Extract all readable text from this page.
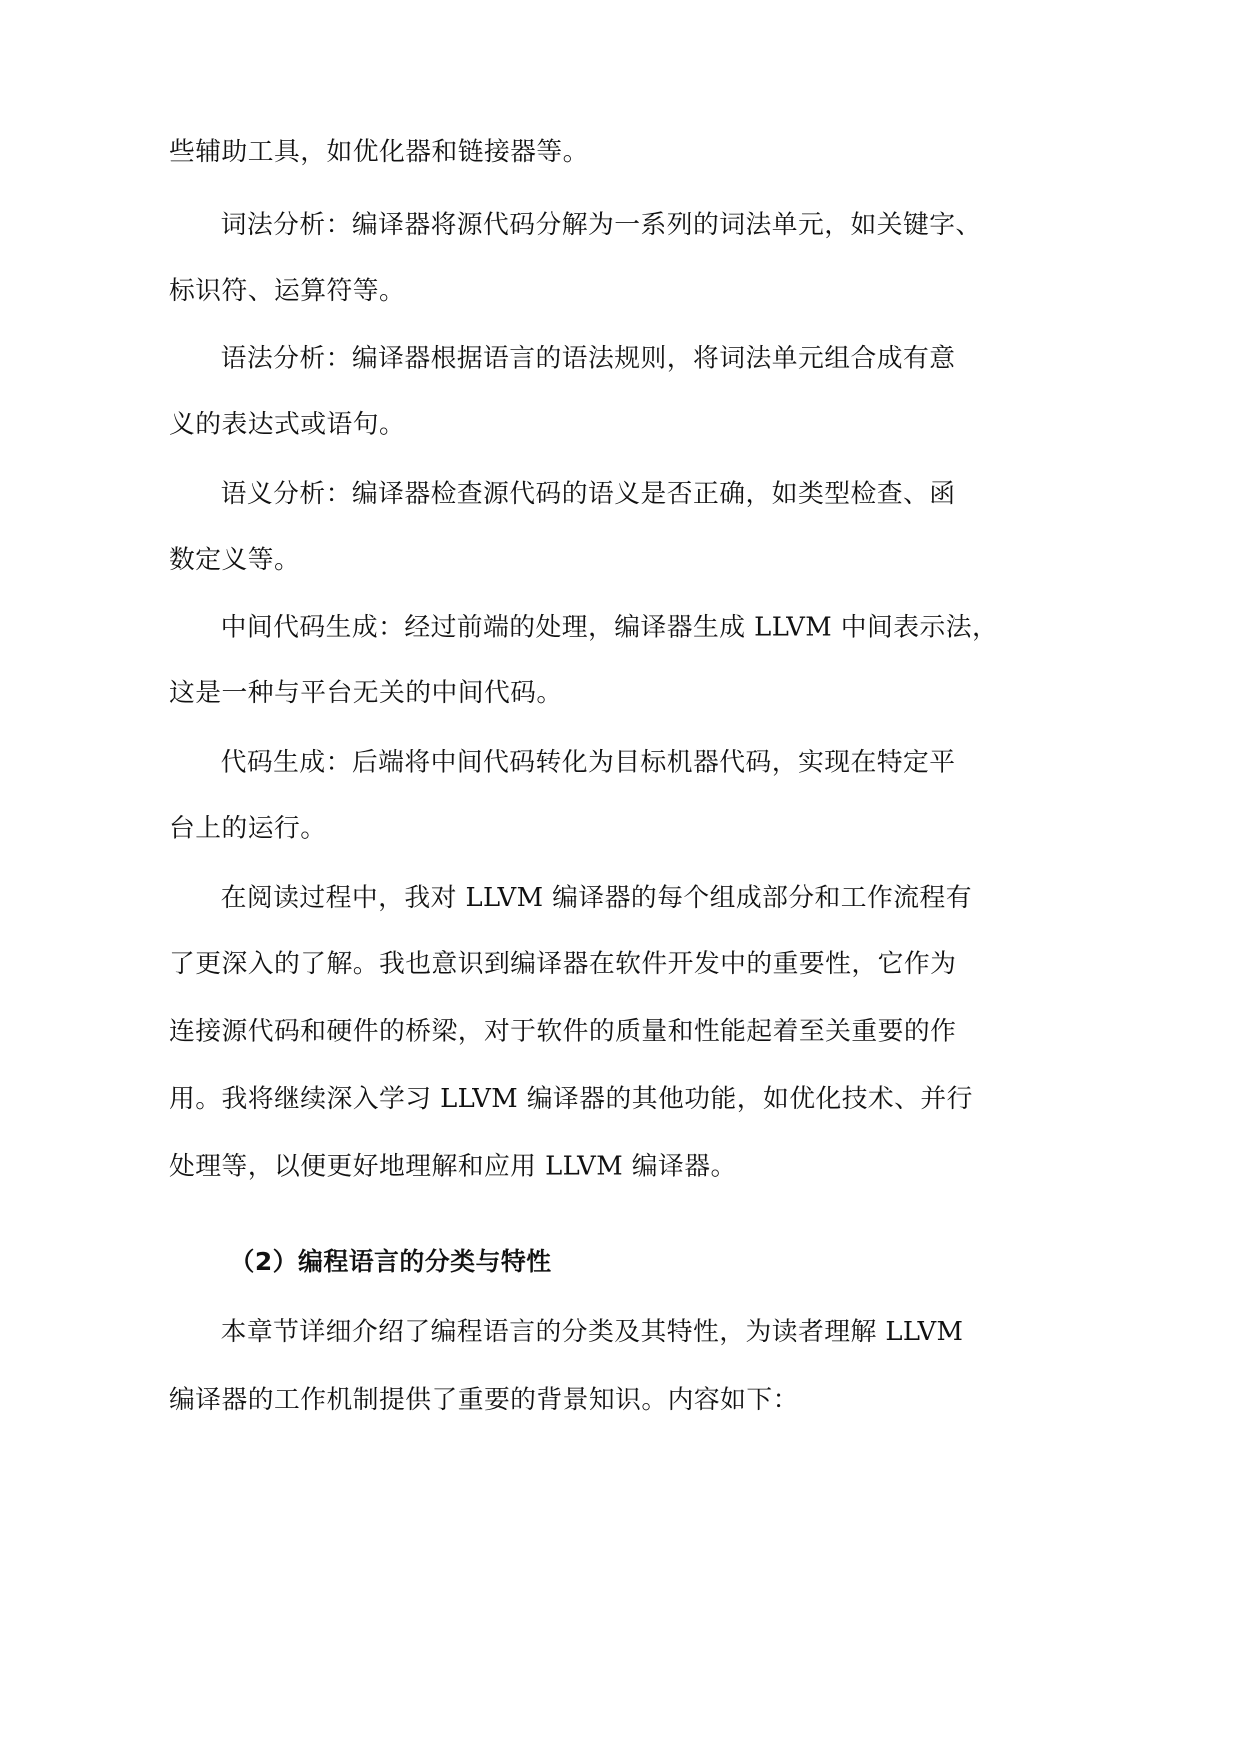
些辅助工具，如优化器和链接器等。
词法分析：编译器将源代码分解为一系列的词法单元，如关键字、
标识符、运算符等。
语法分析：编译器根据语言的语法规则，将词法单元组合成有意
义的表达式或语句。
语义分析：编译器检查源代码的语义是否正确，如类型检查、函
数定义等。
中间代码生成：经过前端的处理，编译器生成 LLVM 中间表示法，
这是一种与平台无关的中间代码。
代码生成：后端将中间代码转化为目标机器代码，实现在特定平
台上的运行。
在阅读过程中，我对 LLVM 编译器的每个组成部分和工作流程有
了更深入的了解。我也意识到编译器在软件开发中的重要性，它作为
连接源代码和硬件的桥梁，对于软件的质量和性能起着至关重要的作
用。我将继续深入学习 LLVM 编译器的其他功能，如优化技术、并行
处理等，以便更好地理解和应用 LLVM 编译器。
（2）编程语言的分类与特性
本章节详细介绍了编程语言的分类及其特性，为读者理解 LLVM
编译器的工作机制提供了重要的背景知识。内容如下：
